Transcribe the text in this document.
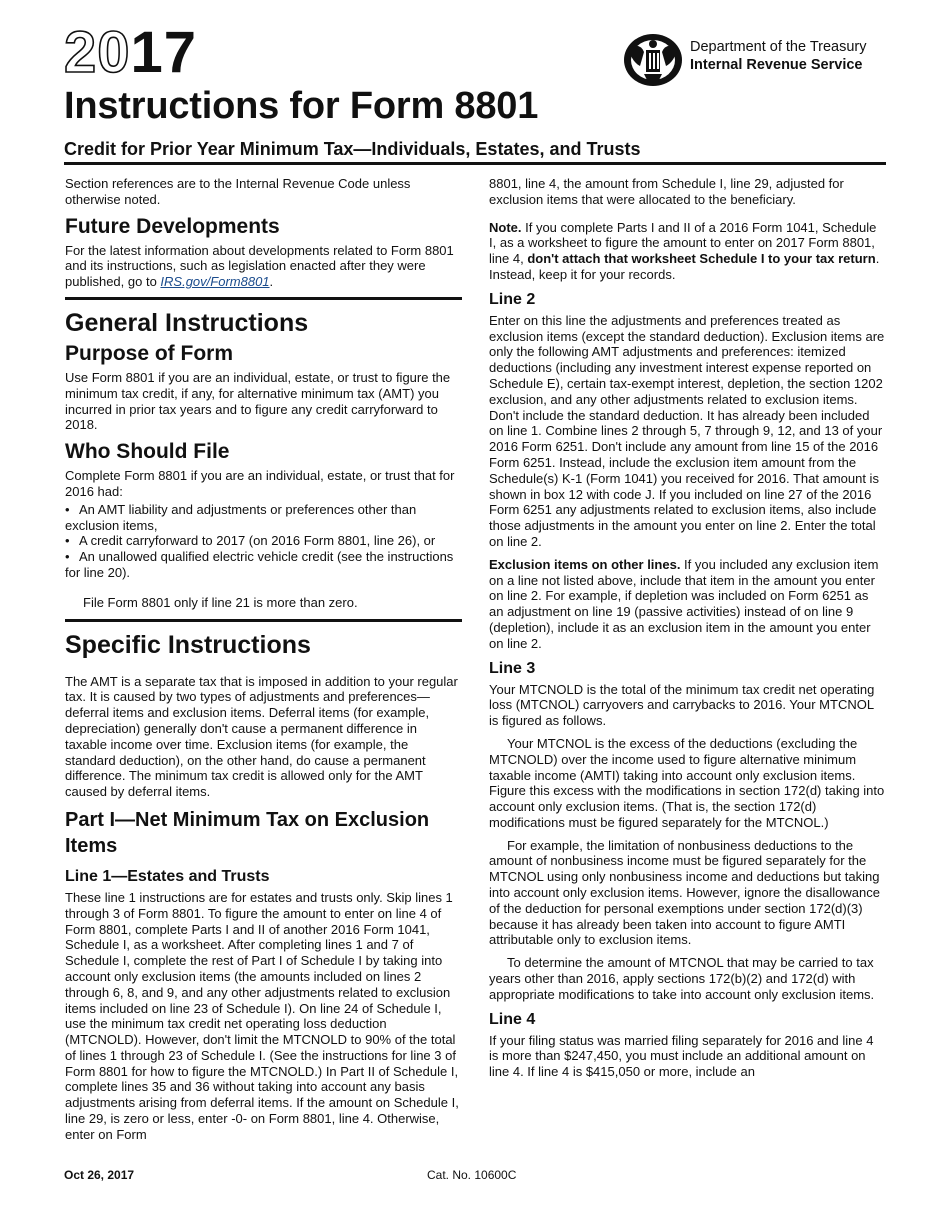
2017
Instructions for Form 8801
Credit for Prior Year Minimum Tax—Individuals, Estates, and Trusts
Department of the Treasury
Internal Revenue Service

Section references are to the Internal Revenue Code unless otherwise noted.

Future Developments

For the latest information about developments related to Form 8801 and its instructions, such as legislation enacted after they were published, go to IRS.gov/Form8801.

General Instructions
Purpose of Form

Use Form 8801 if you are an individual, estate, or trust to figure the minimum tax credit, if any, for alternative minimum tax (AMT) you incurred in prior tax years and to figure any credit carryforward to 2018.

Who Should File

Complete Form 8801 if you are an individual, estate, or trust that for 2016 had:

• An AMT liability and adjustments or preferences other than exclusion items,
• A credit carryforward to 2017 (on 2016 Form 8801, line 26), or
• An unallowed qualified electric vehicle credit (see the instructions for line 20).

File Form 8801 only if line 21 is more than zero.

Specific Instructions

The AMT is a separate tax that is imposed in addition to your regular tax. It is caused by two types of adjustments and preferences—deferral items and exclusion items. Deferral items (for example, depreciation) generally don't cause a permanent difference in taxable income over time. Exclusion items (for example, the standard deduction), on the other hand, do cause a permanent difference. The minimum tax credit is allowed only for the AMT caused by deferral items.

Part I—Net Minimum Tax on Exclusion Items
Line 1—Estates and Trusts

These line 1 instructions are for estates and trusts only. Skip lines 1 through 3 of Form 8801. To figure the amount to enter on line 4 of Form 8801, complete Parts I and II of another 2016 Form 1041, Schedule I, as a worksheet. After completing lines 1 and 7 of Schedule I, complete the rest of Part I of Schedule I by taking into account only exclusion items (the amounts included on lines 2 through 6, 8, and 9, and any other adjustments related to exclusion items included on line 23 of Schedule I). On line 24 of Schedule I, use the minimum tax credit net operating loss deduction (MTCNOLD). However, don't limit the MTCNOLD to 90% of the total of lines 1 through 23 of Schedule I. (See the instructions for line 3 of Form 8801 for how to figure the MTCNOLD.) In Part II of Schedule I, complete lines 35 and 36 without taking into account any basis adjustments arising from deferral items. If the amount on Schedule I, line 29, is zero or less, enter -0- on Form 8801, line 4. Otherwise, enter on Form

8801, line 4, the amount from Schedule I, line 29, adjusted for exclusion items that were allocated to the beneficiary.

Note. If you complete Parts I and II of a 2016 Form 1041, Schedule I, as a worksheet to figure the amount to enter on 2017 Form 8801, line 4, don't attach that worksheet Schedule I to your tax return. Instead, keep it for your records.

Line 2

Enter on this line the adjustments and preferences treated as exclusion items (except the standard deduction). Exclusion items are only the following AMT adjustments and preferences: itemized deductions (including any investment interest expense reported on Schedule E), certain tax-exempt interest, depletion, the section 1202 exclusion, and any other adjustments related to exclusion items. Don't include the standard deduction. It has already been included on line 1. Combine lines 2 through 5, 7 through 9, 12, and 13 of your 2016 Form 6251. Don't include any amount from line 15 of the 2016 Form 6251. Instead, include the exclusion item amount from the Schedule(s) K-1 (Form 1041) you received for 2016. That amount is shown in box 12 with code J. If you included on line 27 of the 2016 Form 6251 any adjustments related to exclusion items, also include those adjustments in the amount you enter on line 2. Enter the total on line 2.

Exclusion items on other lines. If you included any exclusion item on a line not listed above, include that item in the amount you enter on line 2. For example, if depletion was included on Form 6251 as an adjustment on line 19 (passive activities) instead of on line 9 (depletion), include it as an exclusion item in the amount you enter on line 2.

Line 3

Your MTCNOLD is the total of the minimum tax credit net operating loss (MTCNOL) carryovers and carrybacks to 2016. Your MTCNOL is figured as follows.

Your MTCNOL is the excess of the deductions (excluding the MTCNOLD) over the income used to figure alternative minimum taxable income (AMTI) taking into account only exclusion items. Figure this excess with the modifications in section 172(d) taking into account only exclusion items. (That is, the section 172(d) modifications must be figured separately for the MTCNOL.)

For example, the limitation of nonbusiness deductions to the amount of nonbusiness income must be figured separately for the MTCNOL using only nonbusiness income and deductions but taking into account only exclusion items. However, ignore the disallowance of the deduction for personal exemptions under section 172(d)(3) because it has already been taken into account to figure AMTI attributable only to exclusion items.

To determine the amount of MTCNOL that may be carried to tax years other than 2016, apply sections 172(b)(2) and 172(d) with appropriate modifications to take into account only exclusion items.

Line 4

If your filing status was married filing separately for 2016 and line 4 is more than $247,450, you must include an additional amount on line 4. If line 4 is $415,050 or more, include an

Oct 26, 2017	Cat. No. 10600C
